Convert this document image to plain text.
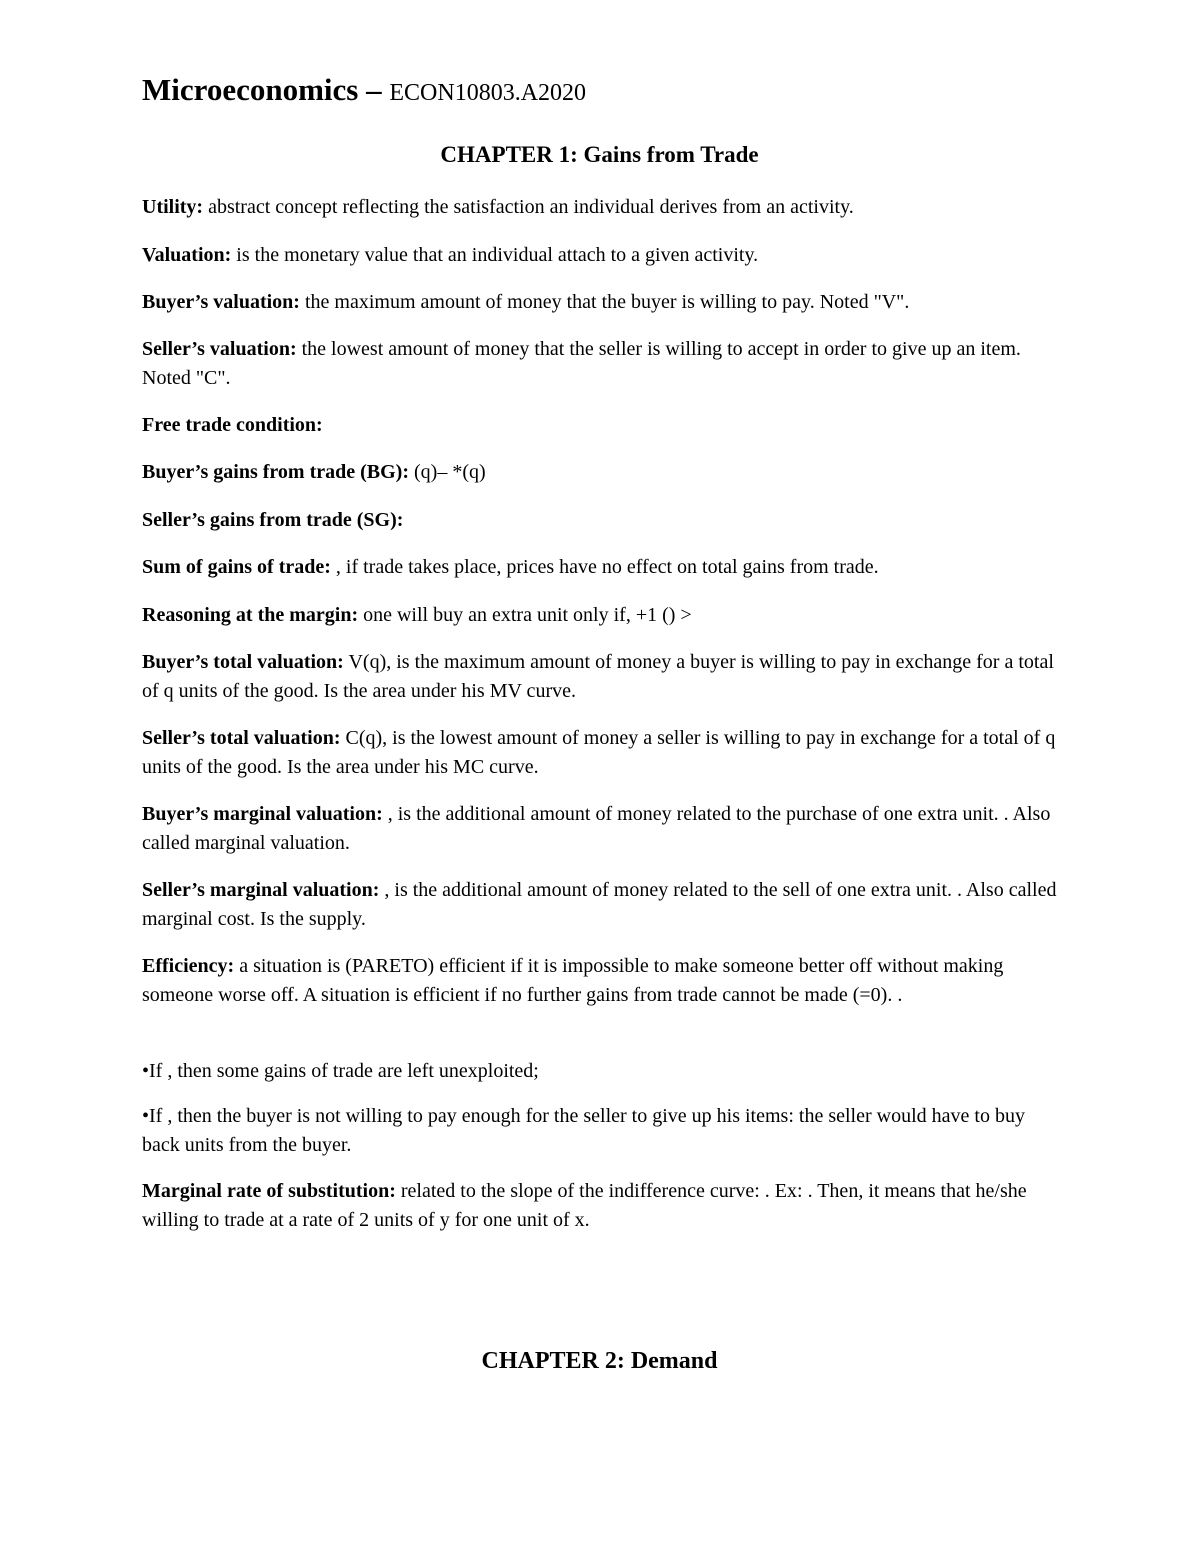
Microeconomics – ECON10803.A2020
CHAPTER 1: Gains from Trade
Utility: abstract concept reflecting the satisfaction an individual derives from an activity.
Valuation: is the monetary value that an individual attach to a given activity.
Buyer’s valuation: the maximum amount of money that the buyer is willing to pay. Noted "V".
Seller’s valuation: the lowest amount of money that the seller is willing to accept in order to give up an item. Noted "C".
Free trade condition:
Buyer’s gains from trade (BG): (q)– *(q)
Seller’s gains from trade (SG):
Sum of gains of trade: , if trade takes place, prices have no effect on total gains from trade.
Reasoning at the margin: one will buy an extra unit only if, +1 () >
Buyer’s total valuation: V(q), is the maximum amount of money a buyer is willing to pay in exchange for a total of q units of the good. Is the area under his MV curve.
Seller’s total valuation: C(q), is the lowest amount of money a seller is willing to pay in exchange for a total of q units of the good. Is the area under his MC curve.
Buyer’s marginal valuation: , is the additional amount of money related to the purchase of one extra unit. . Also called marginal valuation.
Seller’s marginal valuation: , is the additional amount of money related to the sell of one extra unit. . Also called marginal cost. Is the supply.
Efficiency: a situation is (PARETO) efficient if it is impossible to make someone better off without making someone worse off. A situation is efficient if no further gains from trade cannot be made (=0). .
•If , then some gains of trade are left unexploited;
•If , then the buyer is not willing to pay enough for the seller to give up his items: the seller would have to buy back units from the buyer.
Marginal rate of substitution: related to the slope of the indifference curve: . Ex: . Then, it means that he/she willing to trade at a rate of 2 units of y for one unit of x.
CHAPTER 2: Demand
